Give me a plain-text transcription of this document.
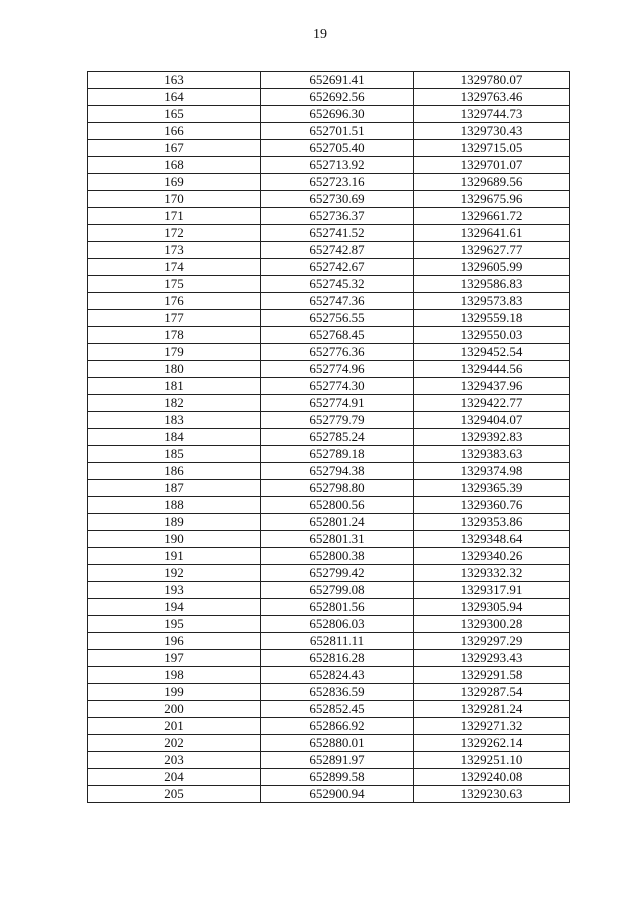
19
163	652691.41	1329780.07
164	652692.56	1329763.46
165	652696.30	1329744.73
166	652701.51	1329730.43
167	652705.40	1329715.05
168	652713.92	1329701.07
169	652723.16	1329689.56
170	652730.69	1329675.96
171	652736.37	1329661.72
172	652741.52	1329641.61
173	652742.87	1329627.77
174	652742.67	1329605.99
175	652745.32	1329586.83
176	652747.36	1329573.83
177	652756.55	1329559.18
178	652768.45	1329550.03
179	652776.36	1329452.54
180	652774.96	1329444.56
181	652774.30	1329437.96
182	652774.91	1329422.77
183	652779.79	1329404.07
184	652785.24	1329392.83
185	652789.18	1329383.63
186	652794.38	1329374.98
187	652798.80	1329365.39
188	652800.56	1329360.76
189	652801.24	1329353.86
190	652801.31	1329348.64
191	652800.38	1329340.26
192	652799.42	1329332.32
193	652799.08	1329317.91
194	652801.56	1329305.94
195	652806.03	1329300.28
196	652811.11	1329297.29
197	652816.28	1329293.43
198	652824.43	1329291.58
199	652836.59	1329287.54
200	652852.45	1329281.24
201	652866.92	1329271.32
202	652880.01	1329262.14
203	652891.97	1329251.10
204	652899.58	1329240.08
205	652900.94	1329230.63
